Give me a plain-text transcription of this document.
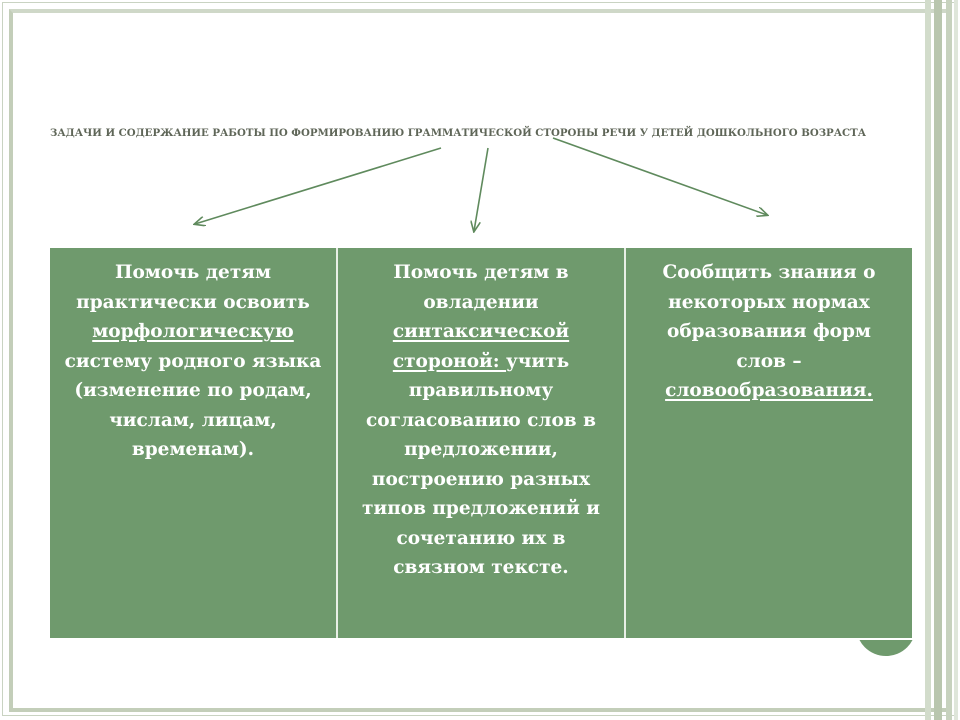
ЗАДАЧИ И СОДЕРЖАНИЕ РАБОТЫ ПО ФОРМИРОВАНИЮ ГРАММАТИЧЕСКОЙ СТОРОНЫ РЕЧИ У ДЕТЕЙ ДОШКОЛЬНОГО ВОЗРАСТА
Помочь детям практически освоить морфологическую систему родного языка (изменение по родам, числам, лицам, временам).
Помочь детям в овладении синтаксической стороной: учить правильному согласованию слов в предложении, построению разных типов предложений и сочетанию их в связном тексте.
Сообщить знания о некоторых нормах образования форм слов – словообразования.
